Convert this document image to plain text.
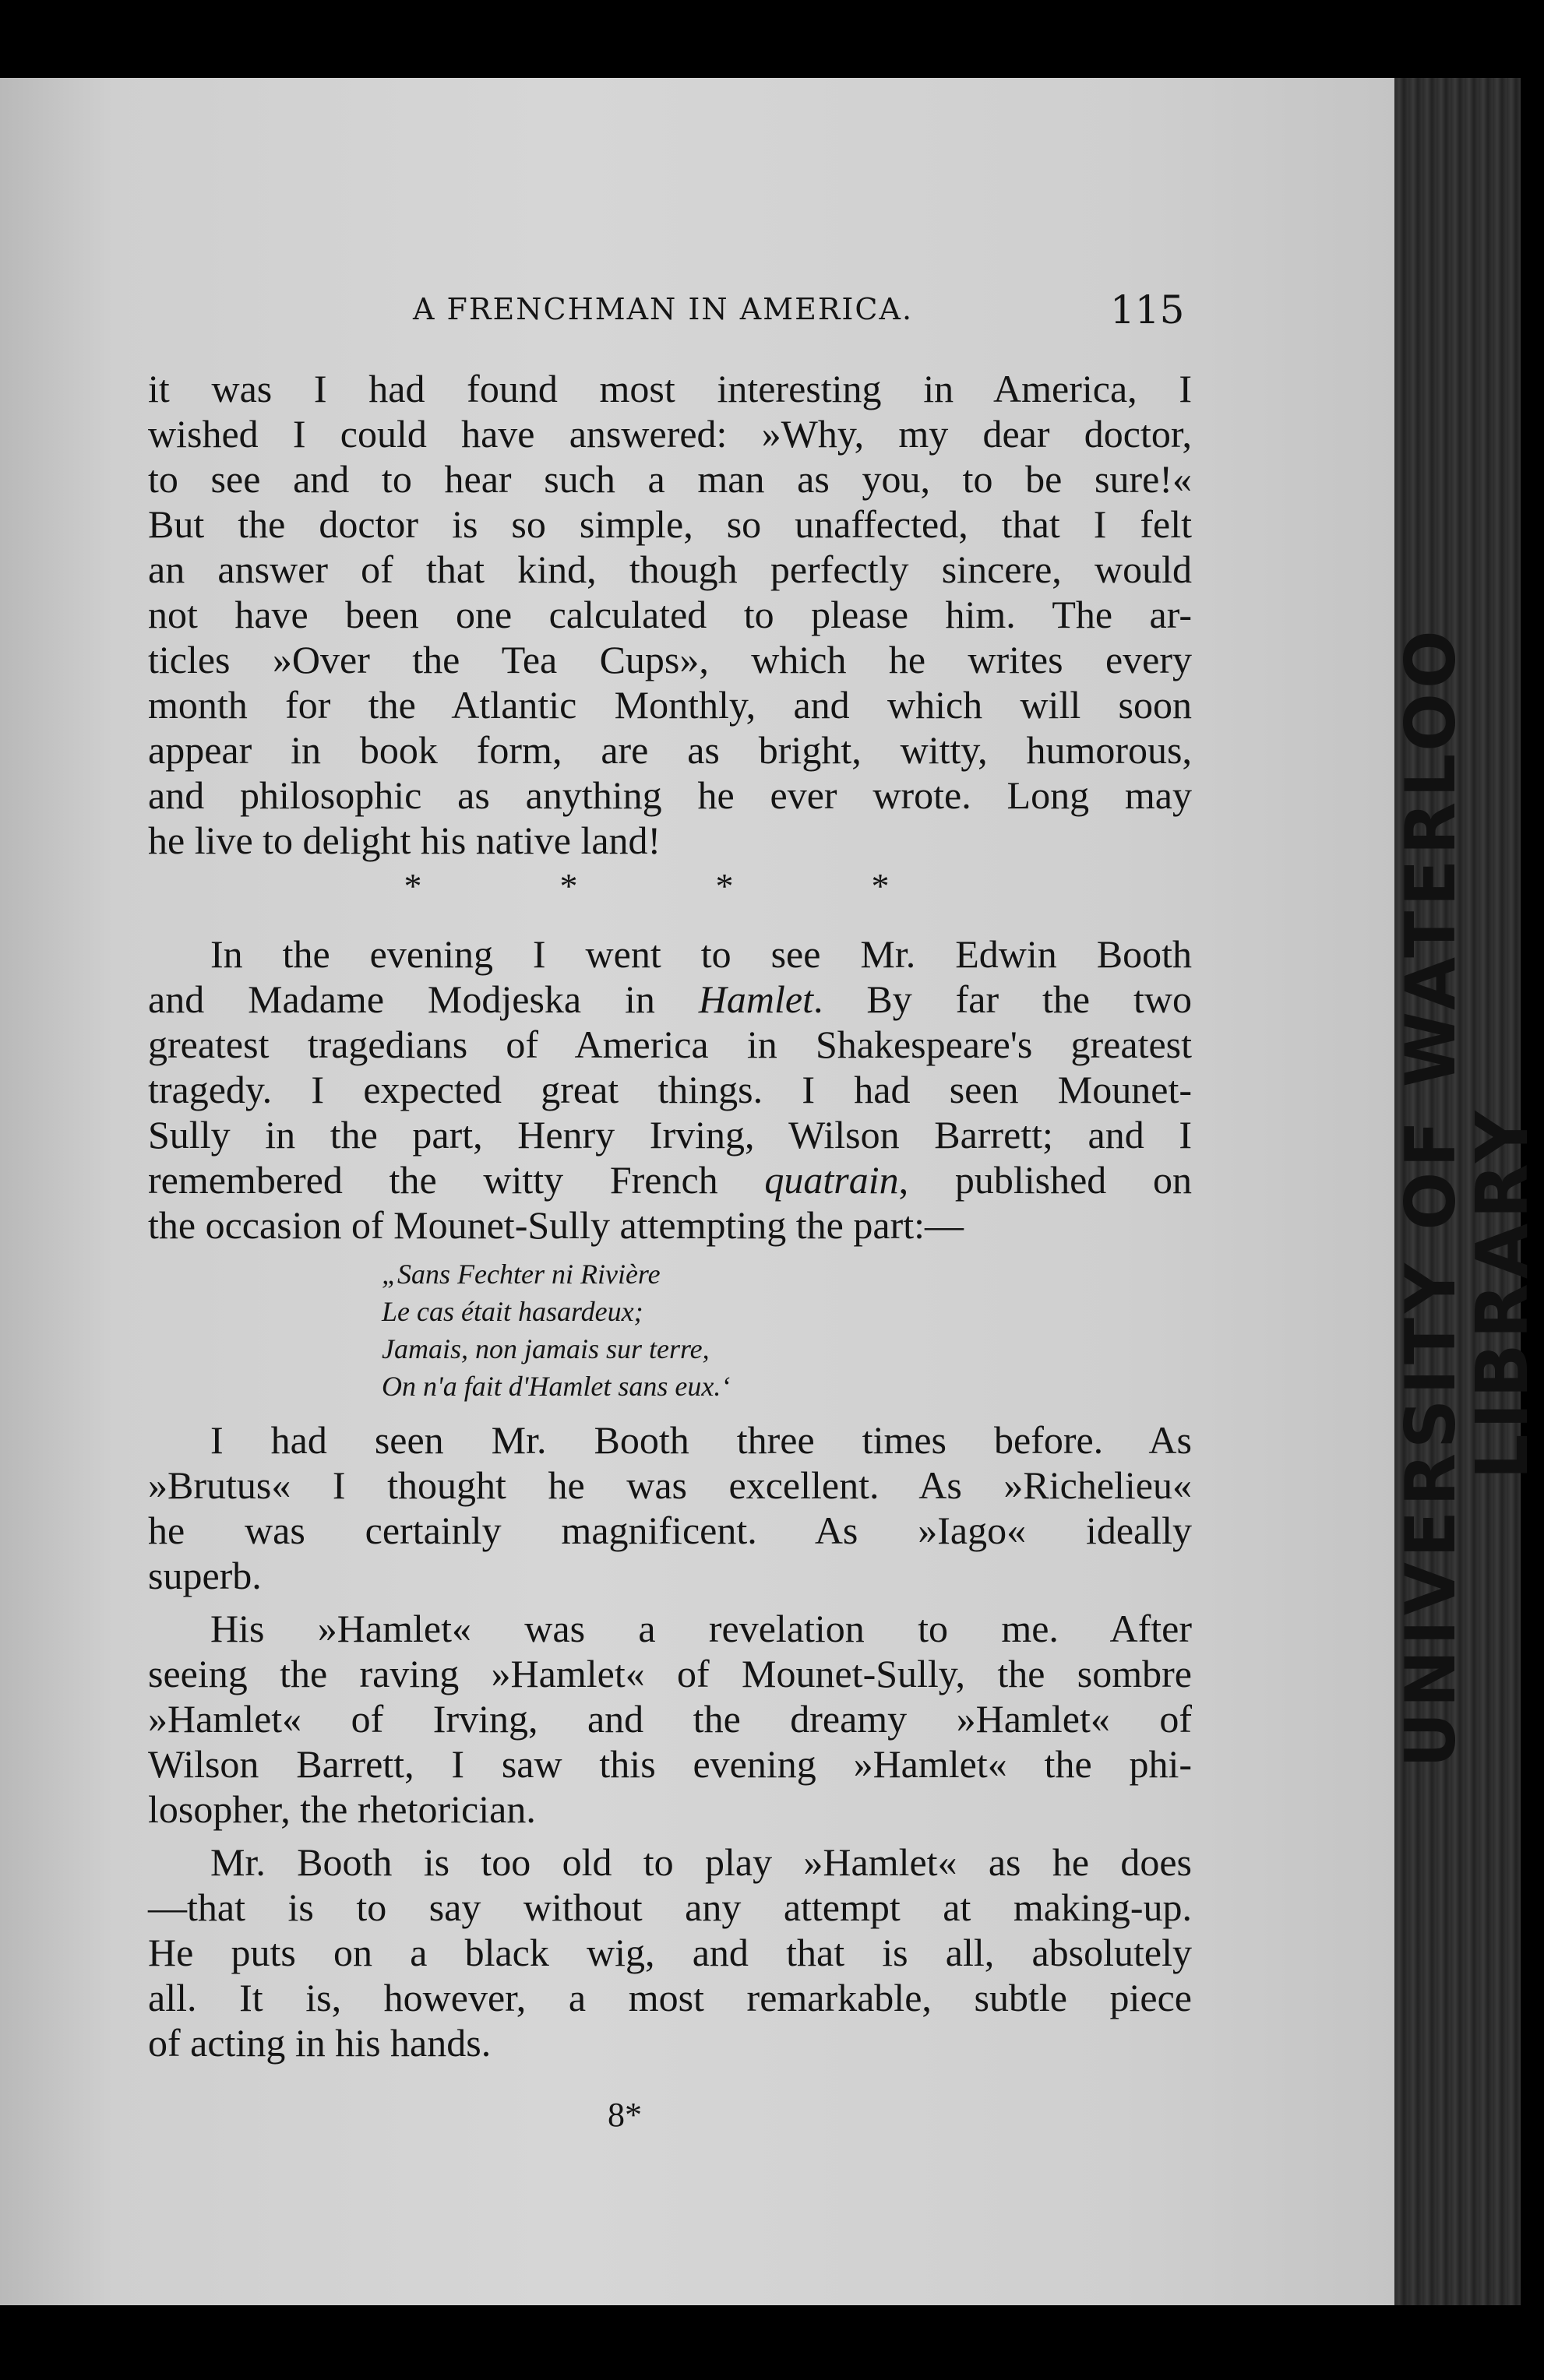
UNIVERSITY OF WATERLOO
LIBRARY
A FRENCHMAN IN AMERICA.	115
it was I had found most interesting in America, I
wished I could have answered: »Why, my dear doctor,
to see and to hear such a man as you, to be sure!«
But the doctor is so simple, so unaffected, that I felt
an answer of that kind, though perfectly sincere, would
not have been one calculated to please him. The ar-
ticles »Over the Tea Cups», which he writes every
month for the Atlantic Monthly, and which will soon
appear in book form, are as bright, witty, humorous,
and philosophic as anything he ever wrote. Long may
he live to delight his native land!
*	*	*	*
In the evening I went to see Mr. Edwin Booth
and Madame Modjeska in Hamlet. By far the two
greatest tragedians of America in Shakespeare's greatest
tragedy. I expected great things. I had seen Mounet-
Sully in the part, Henry Irving, Wilson Barrett; and I
remembered the witty French quatrain, published on
the occasion of Mounet-Sully attempting the part:—
„Sans Fechter ni Rivière
Le cas était hasardeux;
Jamais, non jamais sur terre,
On n'a fait d'Hamlet sans eux.‘
I had seen Mr. Booth three times before. As
»Brutus« I thought he was excellent. As »Richelieu«
he was certainly magnificent. As »Iago« ideally
superb.
His »Hamlet« was a revelation to me. After
seeing the raving »Hamlet« of Mounet-Sully, the sombre
»Hamlet« of Irving, and the dreamy »Hamlet« of
Wilson Barrett, I saw this evening »Hamlet« the phi-
losopher, the rhetorician.
Mr. Booth is too old to play »Hamlet« as he does
—that is to say without any attempt at making-up.
He puts on a black wig, and that is all, absolutely
all. It is, however, a most remarkable, subtle piece
of acting in his hands.
8*
